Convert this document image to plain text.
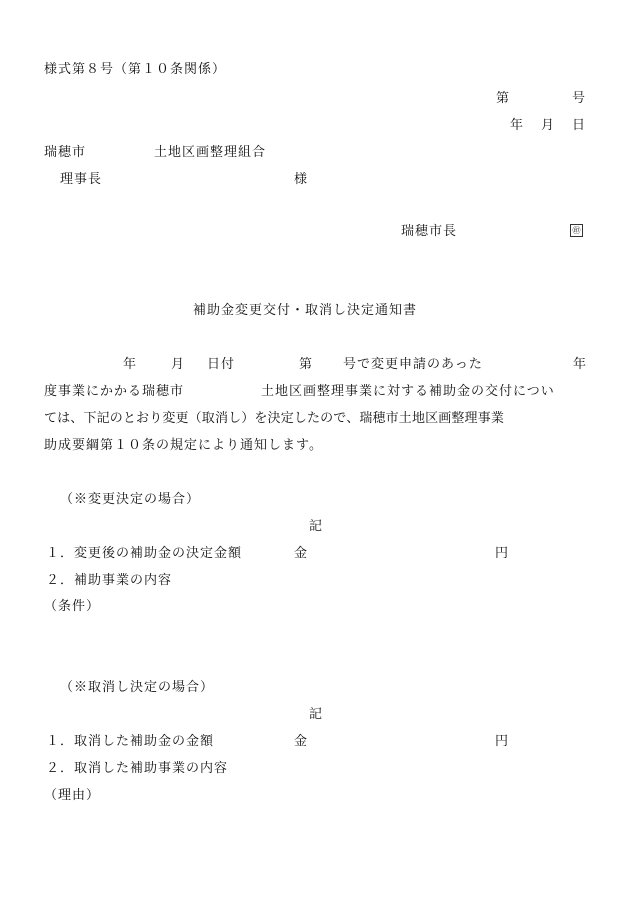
様式第８号（第１０条関係）
第	号
年 月 日
瑞穂市	土地区画整理組合
理事長	様
瑞穂市長	㊞
補助金変更交付・取消し決定通知書
年	月 日付	第 号で変更申請のあった	年
度事業にかかる瑞穂市	土地区画整理事業に対する補助金の交付につい
ては、下記のとおり変更（取消し）を決定したので、瑞穂市土地区画整理事業
助成要綱第１０条の規定により通知します。
（※変更決定の場合）
記
１．変更後の補助金の決定金額	金	円
２．補助事業の内容
（条件）
（※取消し決定の場合）
記
１．取消した補助金の金額	金	円
２．取消した補助事業の内容
（理由）
